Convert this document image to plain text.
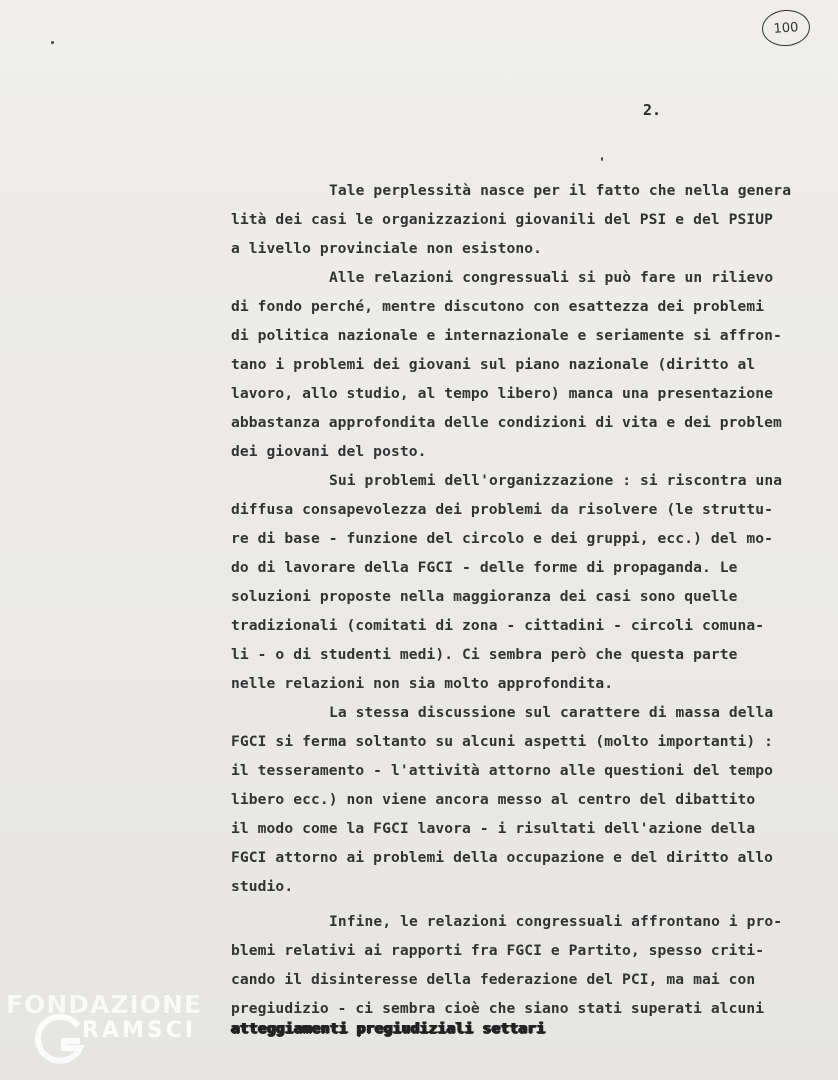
100
2.
Tale perplessità nasce per il fatto che nella genera
lità dei casi le organizzazioni giovanili del PSI e del PSIUP
a livello provinciale non esistono.
Alle relazioni congressuali si può fare un rilievo
di fondo perché, mentre discutono con esattezza dei problemi
di politica nazionale e internazionale e seriamente si affron-
tano i problemi dei giovani sul piano nazionale (diritto al
lavoro, allo studio, al tempo libero) manca una presentazione
abbastanza approfondita delle condizioni di vita e dei problem
dei giovani del posto.
Sui problemi dell'organizzazione : si riscontra una
diffusa consapevolezza dei problemi da risolvere (le struttu-
re di base - funzione del circolo e dei gruppi, ecc.) del mo-
do di lavorare della FGCI - delle forme di propaganda. Le
soluzioni proposte nella maggioranza dei casi sono quelle
tradizionali (comitati di zona - cittadini - circoli comuna-
li - o di studenti medi). Ci sembra però che questa parte
nelle relazioni non sia molto approfondita.
La stessa discussione sul carattere di massa della
FGCI si ferma soltanto su alcuni aspetti (molto importanti) :
il tesseramento - l'attività attorno alle questioni del tempo
libero ecc.) non viene ancora messo al centro del dibattito
il modo come la FGCI lavora - i risultati dell'azione della
FGCI attorno ai problemi della occupazione e del diritto allo
studio.
Infine, le relazioni congressuali affrontano i pro-
blemi relativi ai rapporti fra FGCI e Partito, spesso criti-
cando il disinteresse della federazione del PCI, ma mai con
pregiudizio - ci sembra cioè che siano stati superati alcuni
atteggiamenti pregiudiziali settari
FONDAZIONE
RAMSCI
